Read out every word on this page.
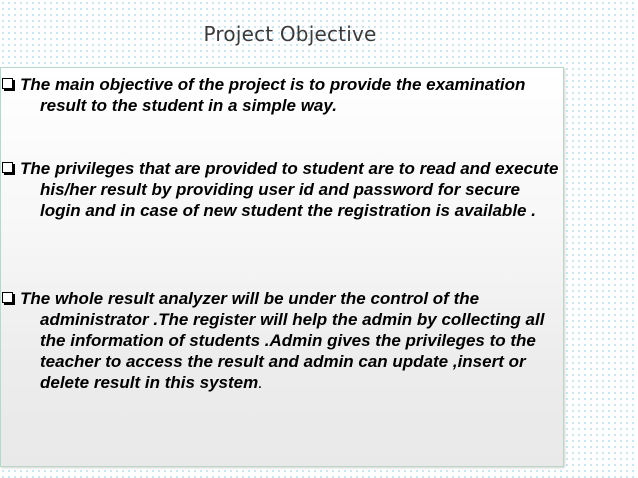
Project Objective
The main objective of the project is to provide the examination result to the student in a simple way.
The privileges that are provided to student are to read and execute his/her result by providing user id and password for secure login and in case of new student the registration is available .
The whole result analyzer will be under the control of the administrator .The register will help the admin by collecting all the information of students .Admin gives the privileges to the teacher to access the result and admin can update ,insert or delete result in this system.
